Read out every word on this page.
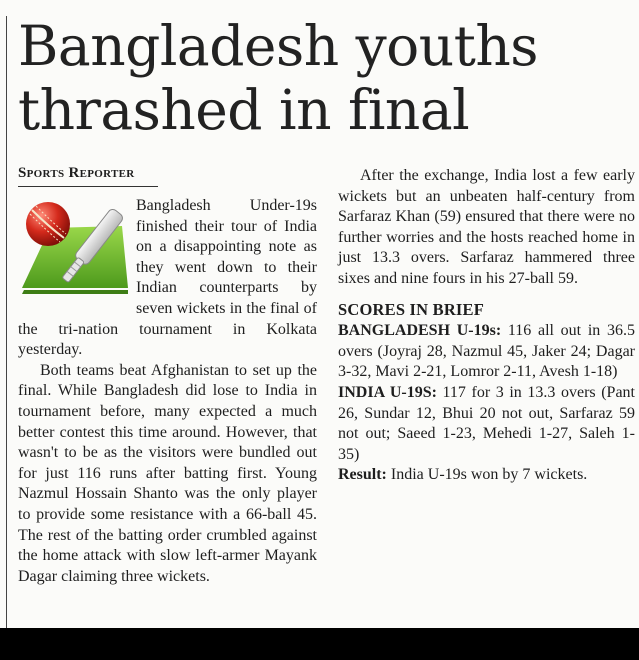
Bangladesh youths
thrashed in final
Sports Reporter

Bangladesh Under-19s finished their tour of India on a disappointing note as they went down to their Indian counterparts by seven wickets in the final of the tri-nation tournament in Kolkata yesterday.

Both teams beat Afghanistan to set up the final. While Bangladesh did lose to India in tournament before, many expected a much better contest this time around. However, that wasn't to be as the visitors were bundled out for just 116 runs after batting first. Young Nazmul Hossain Shanto was the only player to provide some resistance with a 66-ball 45. The rest of the batting order crumbled against the home attack with slow left-armer Mayank Dagar claiming three wickets.

After the exchange, India lost a few early wickets but an unbeaten half-century from Sarfaraz Khan (59) ensured that there were no further worries and the hosts reached home in just 13.3 overs. Sarfaraz hammered three sixes and nine fours in his 27-ball 59.

SCORES IN BRIEF

BANGLADESH U-19s: 116 all out in 36.5 overs (Joyraj 28, Nazmul 45, Jaker 24; Dagar 3-32, Mavi 2-21, Lomror 2-11, Avesh 1-18)

INDIA U-19S: 117 for 3 in 13.3 overs (Pant 26, Sundar 12, Bhui 20 not out, Sarfaraz 59 not out; Saeed 1-23, Mehedi 1-27, Saleh 1-35)

Result: India U-19s won by 7 wickets.
